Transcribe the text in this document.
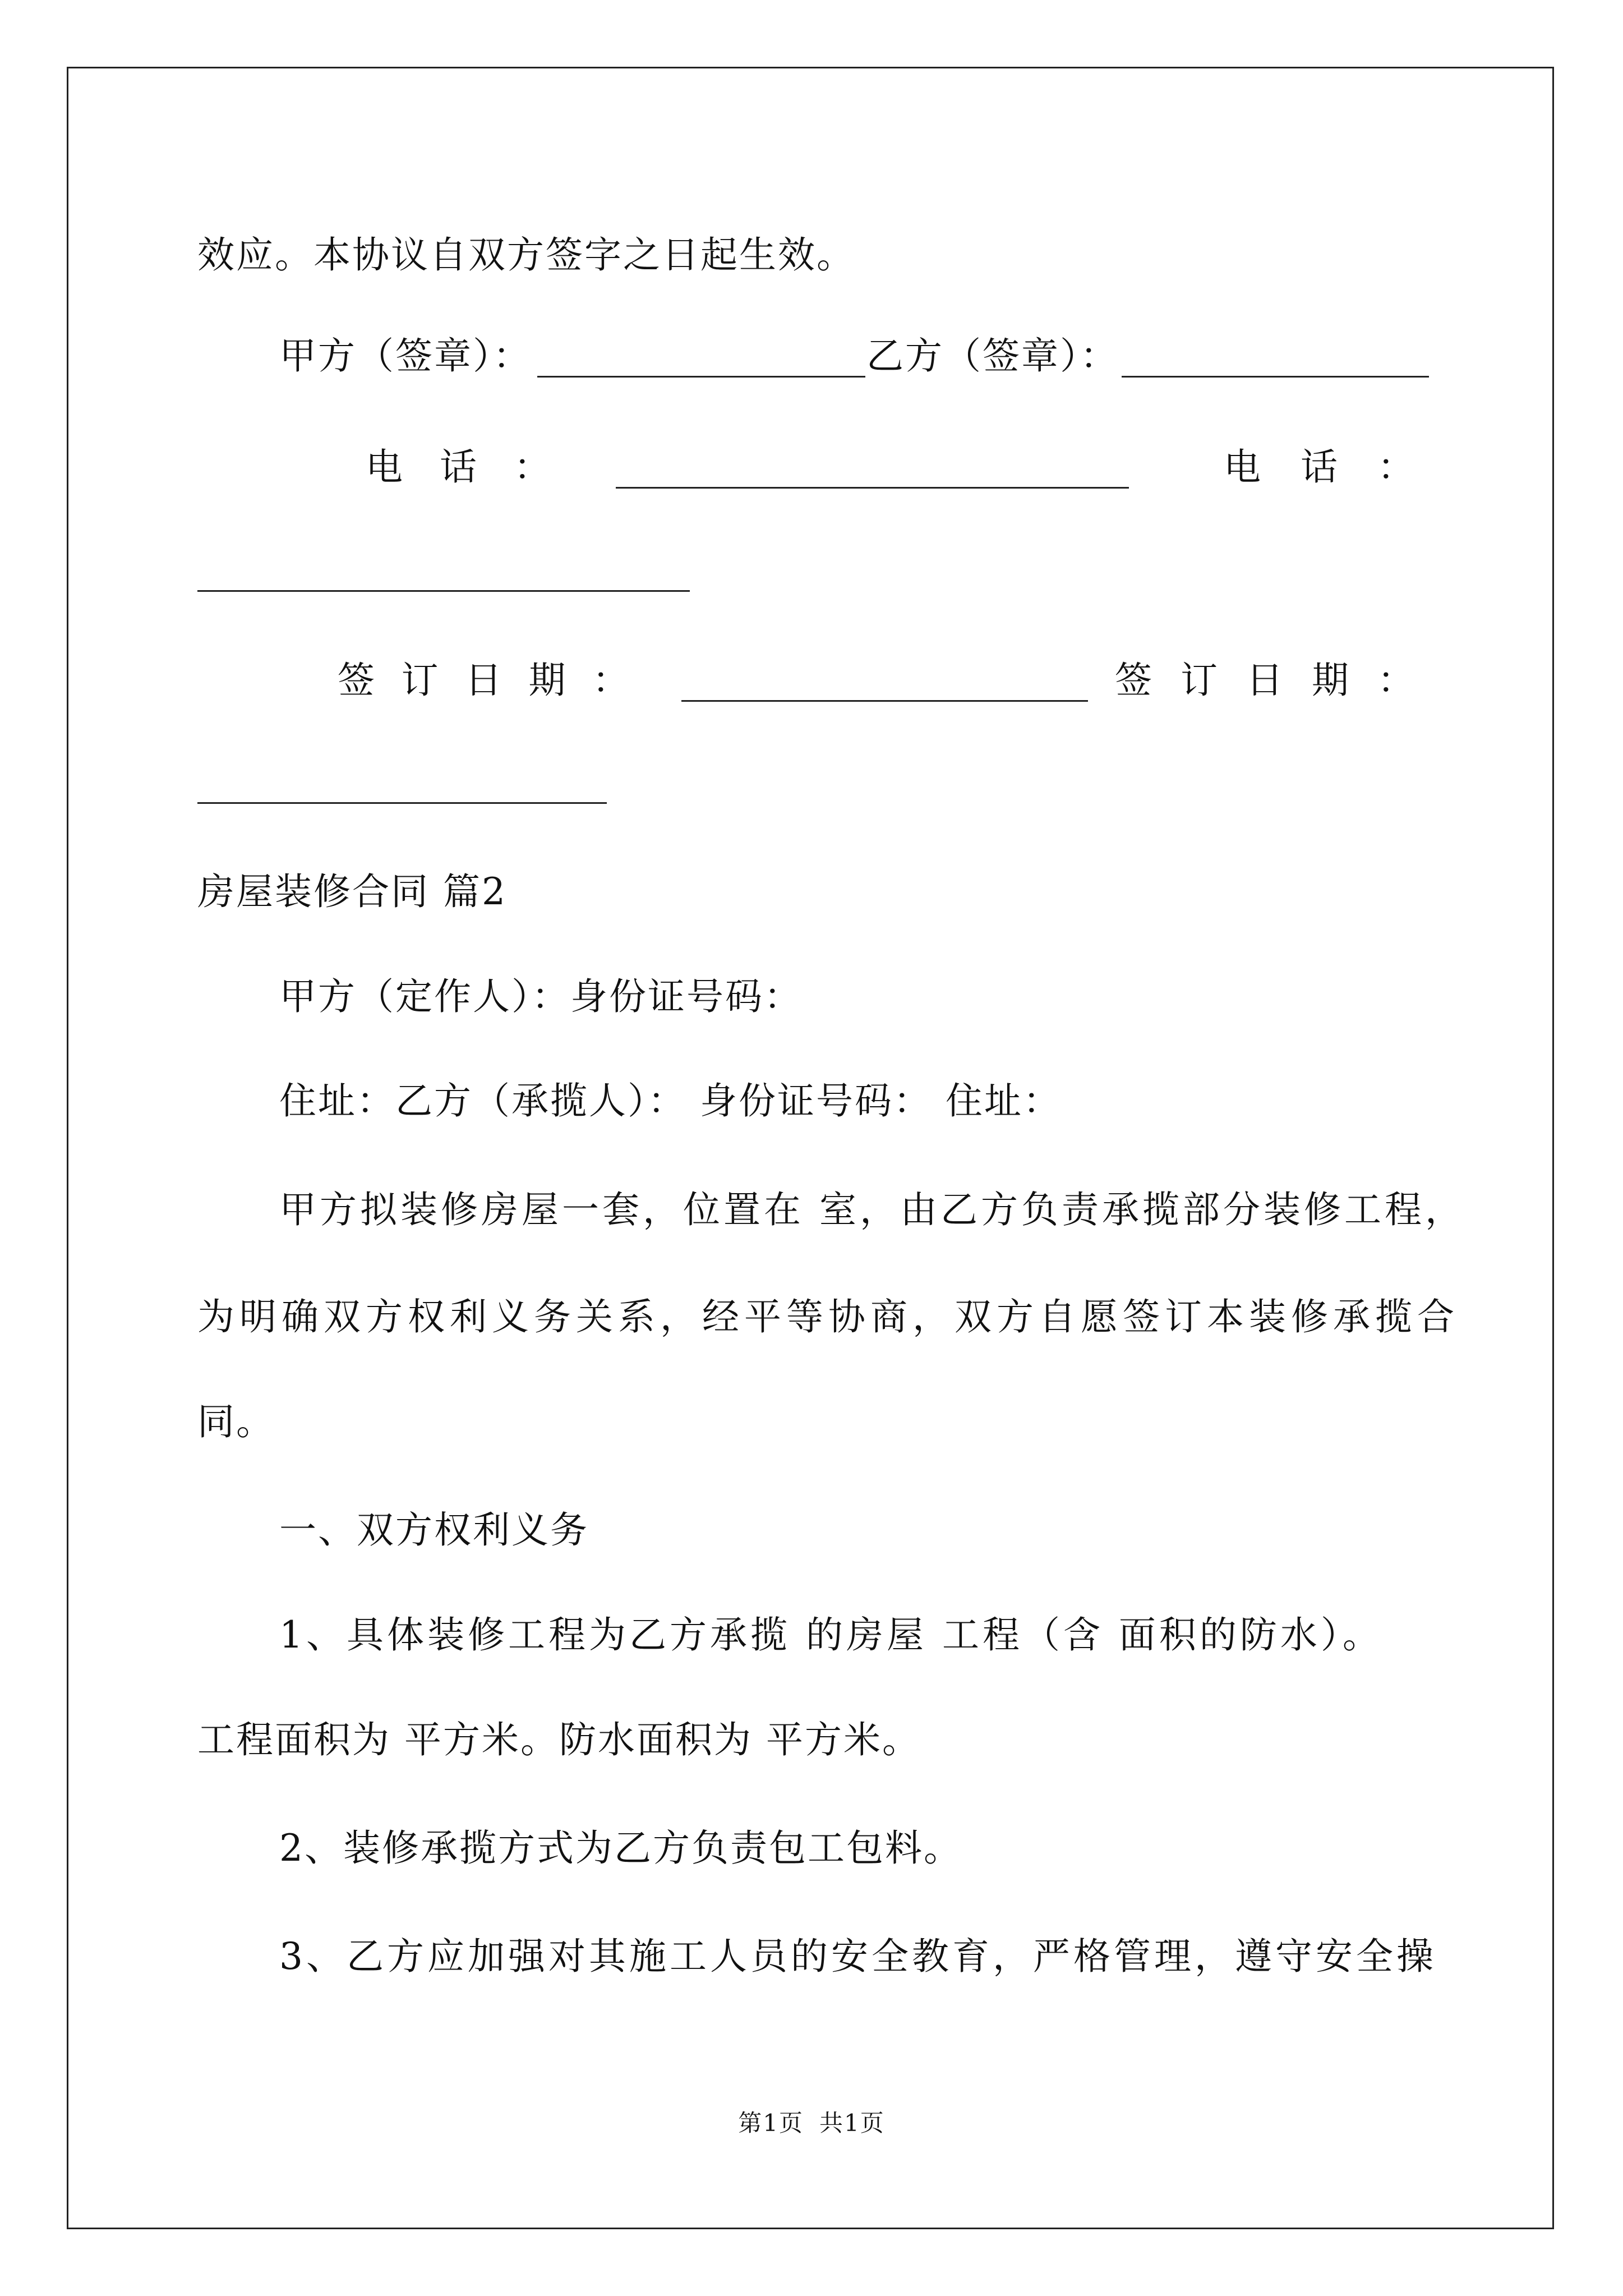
效应。本协议自双方签字之日起生效。
甲方（签章）：	乙方（签章）：
电 话 ：	电 话 ：
签 订 日 期 ：	签 订 日 期 ：
房屋装修合同 篇2
甲方（定作人）：身份证号码：
住址：乙方（承揽人）： 身份证号码： 住址：
甲方拟装修房屋一套，位置在 室，由乙方负责承揽部分装修工程，
为明确双方权利义务关系，经平等协商，双方自愿签订本装修承揽合
同。
一、双方权利义务
1、具体装修工程为乙方承揽 的房屋 工程（含 面积的防水）。
工程面积为 平方米。防水面积为 平方米。
2、装修承揽方式为乙方负责包工包料。
3、乙方应加强对其施工人员的安全教育，严格管理，遵守安全操
第1页 共1页
